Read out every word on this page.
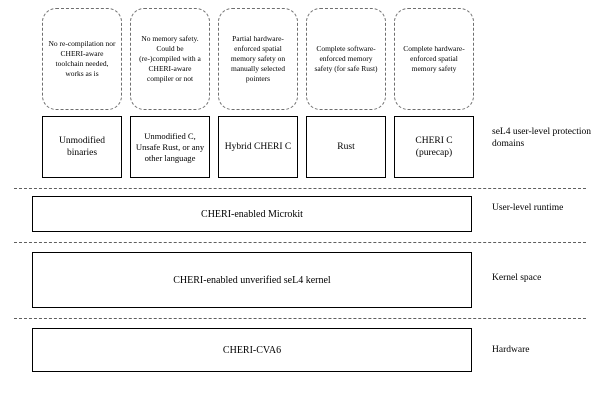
No re-compilation nor CHERI-aware toolchain needed, works as is
No memory safety. Could be (re-)compiled with a CHERI-aware compiler or not
Partial hardware-enforced spatial memory safety on manually selected pointers
Complete software-enforced memory safety (for safe Rust)
Complete hardware-enforced spatial memory safety
Unmodified binaries
Unmodified C, Unsafe Rust, or any other language
Hybrid CHERI C	Rust
CHERI C (purecap)
CHERI-enabled Microkit
CHERI-enabled unverified seL4 kernel
CHERI-CVA6
seL4 user-level protection domains
User-level runtime
Kernel space
Hardware
